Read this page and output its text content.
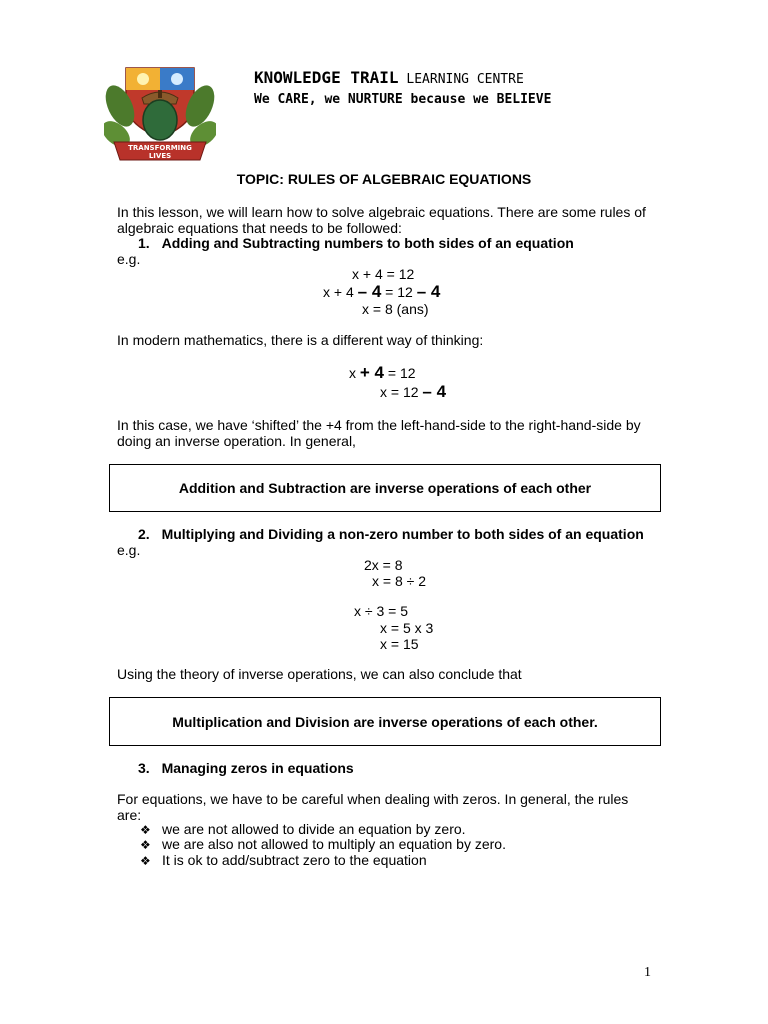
TRANSFORMING LIVES
KNOWLEDGE TRAIL LEARNING CENTRE
We CARE, we NURTURE because we BELIEVE
TOPIC: RULES OF ALGEBRAIC EQUATIONS
In this lesson, we will learn how to solve algebraic equations. There are some rules of algebraic equations that needs to be followed:
1. Adding and Subtracting numbers to both sides of an equation
e.g.
x + 4 = 12
x + 4 – 4 = 12 – 4
x = 8 (ans)
In modern mathematics, there is a different way of thinking:
x + 4 = 12
x = 12 – 4
In this case, we have ‘shifted’ the +4 from the left-hand-side to the right-hand-side by doing an inverse operation. In general,
Addition and Subtraction are inverse operations of each other
2. Multiplying and Dividing a non-zero number to both sides of an equation
e.g.
2x = 8
x = 8 ÷ 2
x ÷ 3 = 5
x = 5 x 3
x = 15
Using the theory of inverse operations, we can also conclude that
Multiplication and Division are inverse operations of each other.
3. Managing zeros in equations
For equations, we have to be careful when dealing with zeros. In general, the rules are:
❖ we are not allowed to divide an equation by zero.
❖ we are also not allowed to multiply an equation by zero.
❖ It is ok to add/subtract zero to the equation
1
